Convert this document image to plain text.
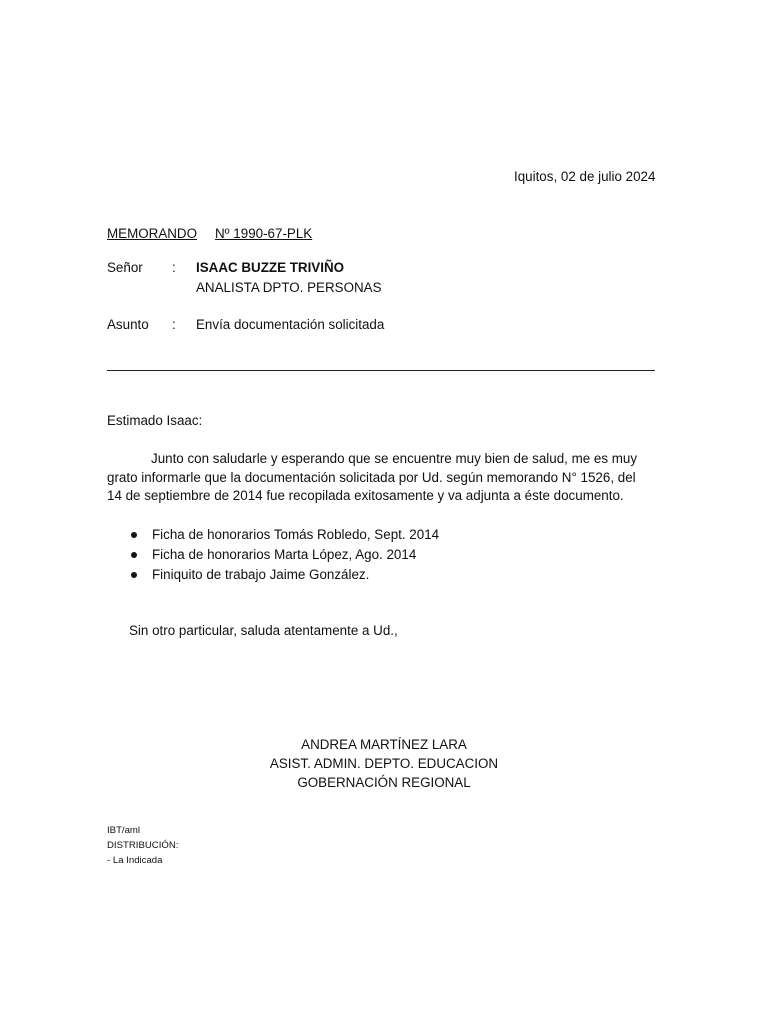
Iquitos, 02 de julio 2024
MEMORANDO Nº 1990-67-PLK
Señor : ISAAC BUZZE TRIVIÑO
ANALISTA DPTO. PERSONAS
Asunto : Envía documentación solicitada
Estimado Isaac:
Junto con saludarle y esperando que se encuentre muy bien de salud, me es muy
grato informarle que la documentación solicitada por Ud. según memorando N° 1526, del
14 de septiembre de 2014 fue recopilada exitosamente y va adjunta a éste documento.
Ficha de honorarios Tomás Robledo, Sept. 2014
Ficha de honorarios Marta López, Ago. 2014
Finiquito de trabajo Jaime González.
Sin otro particular, saluda atentamente a Ud.,
ANDREA MARTÍNEZ LARA
ASIST. ADMIN. DEPTO. EDUCACION
GOBERNACIÓN REGIONAL
IBT/aml
DISTRIBUCIÓN:
- La Indicada
